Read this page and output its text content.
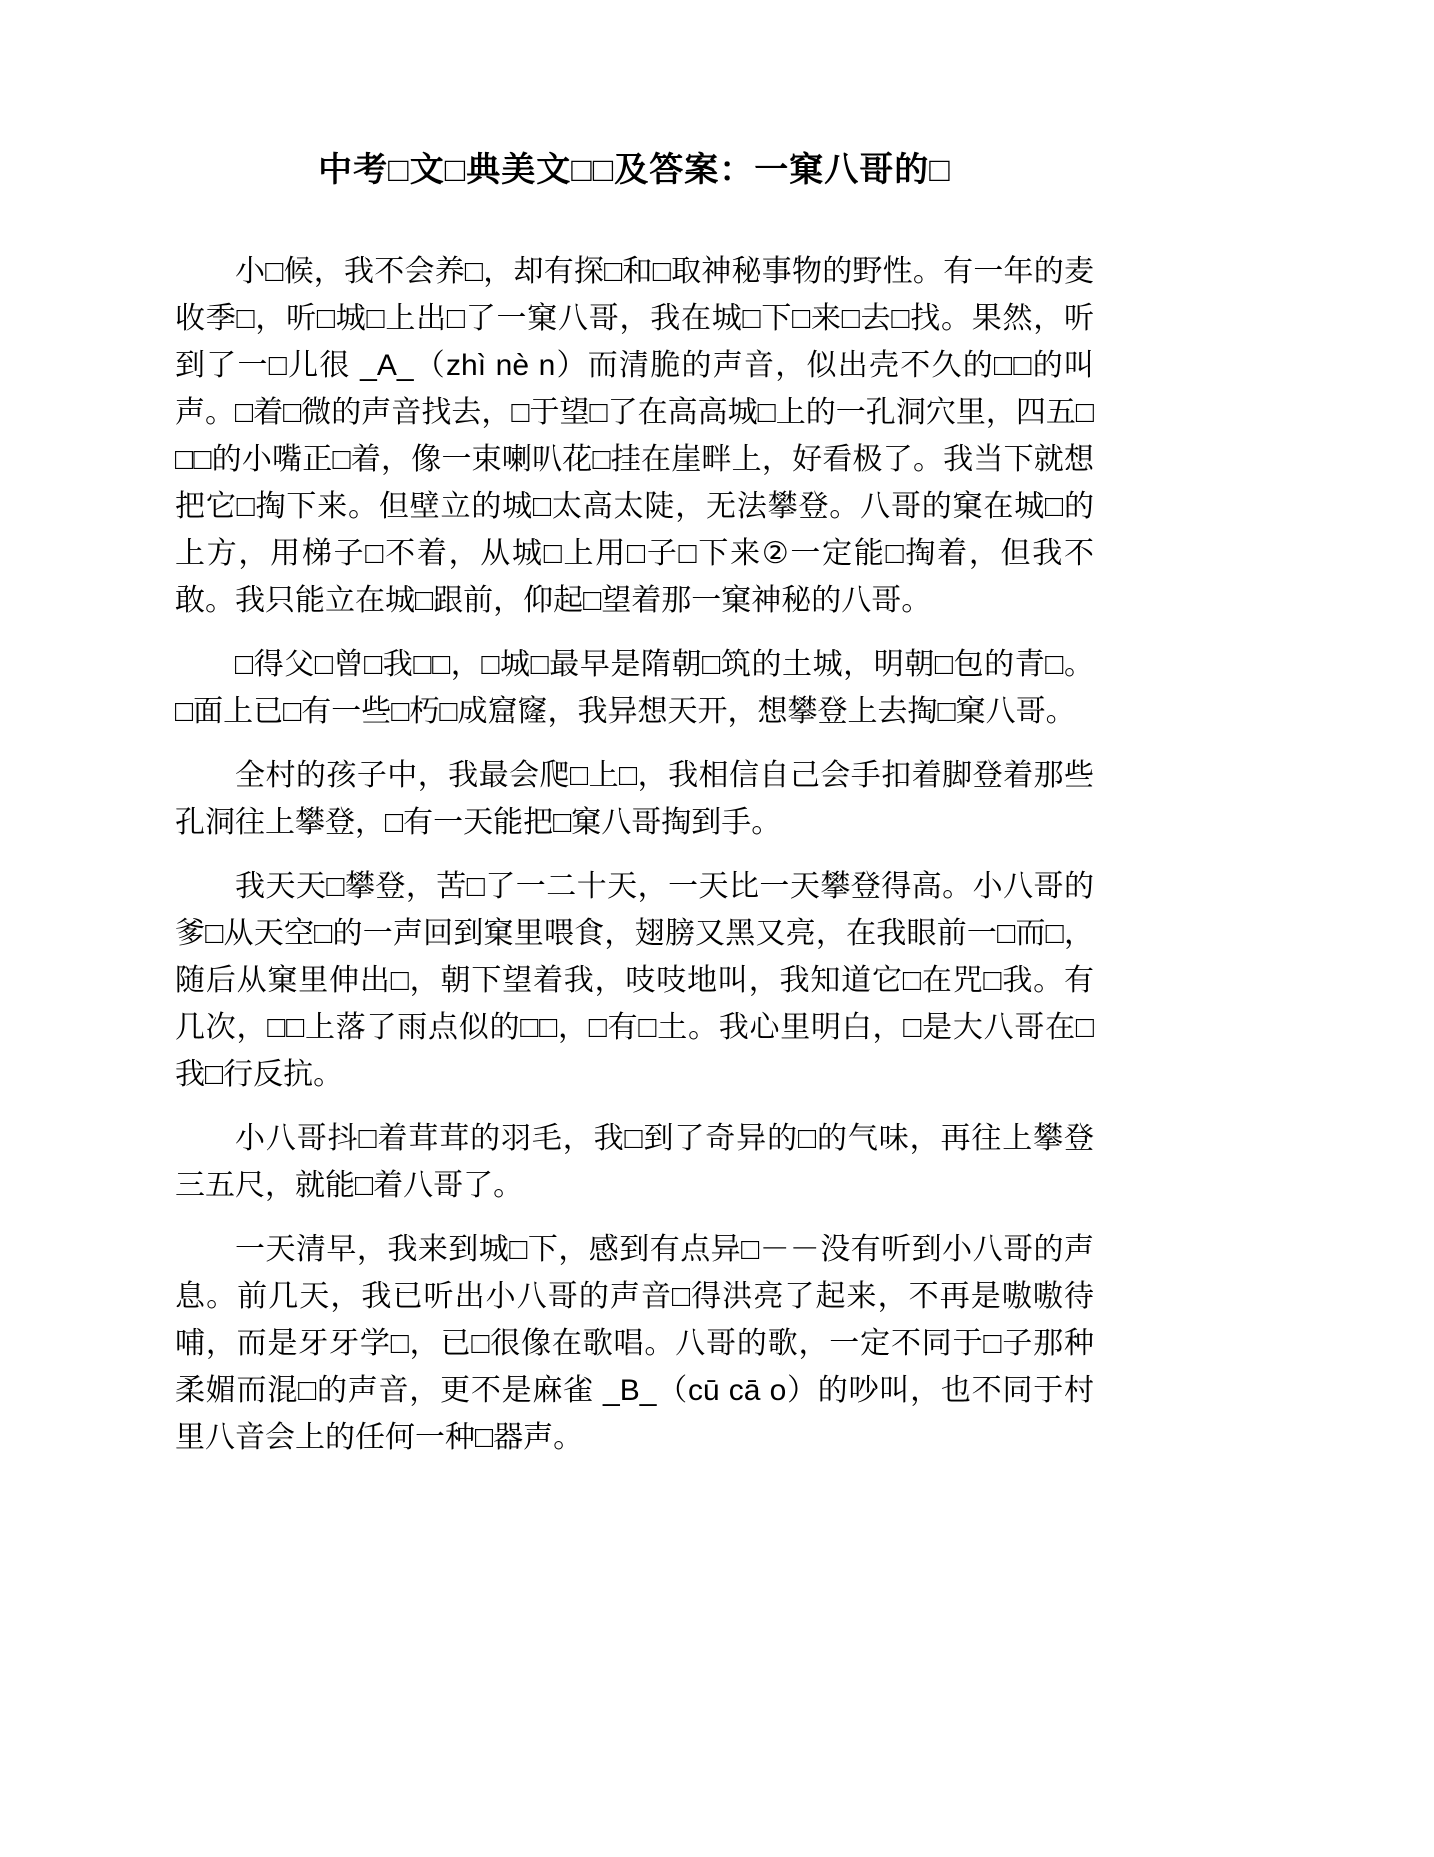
中考□文□典美文□□及答案：一窠八哥的□

小□候，我不会养□，却有探□和□取神秘事物的野性。有一年的麦收季□，听□城□上出□了一窠八哥，我在城□下□来□去□找。果然，听到了一□儿很 _A_（zhì nè n）而清脆的声音，似出壳不久的□□的叫声。□着□微的声音找去，□于望□了在高高城□上的一孔洞穴里，四五□□□的小嘴正□着，像一束喇叭花□挂在崖畔上，好看极了。我当下就想把它□掏下来。但壁立的城□太高太陡，无法攀登。八哥的窠在城□的上方，用梯子□不着，从城□上用□子□下来②一定能□掏着，但我不敢。我只能立在城□跟前，仰起□望着那一窠神秘的八哥。

□得父□曾□我□□，□城□最早是隋朝□筑的土城，明朝□包的青□。□面上已□有一些□朽□成窟窿，我异想天开，想攀登上去掏□窠八哥。

全村的孩子中，我最会爬□上□，我相信自己会手扣着脚登着那些孔洞往上攀登，□有一天能把□窠八哥掏到手。

我天天□攀登，苦□了一二十天，一天比一天攀登得高。小八哥的爹□从天空□的一声回到窠里喂食，翅膀又黑又亮，在我眼前一□而□，随后从窠里伸出□，朝下望着我，吱吱地叫，我知道它□在咒□我。有几次，□□上落了雨点似的□□，□有□土。我心里明白，□是大八哥在□我□行反抗。

小八哥抖□着茸茸的羽毛，我□到了奇异的□的气味，再往上攀登三五尺，就能□着八哥了。

一天清早，我来到城□下，感到有点异□－－没有听到小八哥的声息。前几天，我已听出小八哥的声音□得洪亮了起来，不再是嗷嗷待哺，而是牙牙学□，已□很像在歌唱。八哥的歌，一定不同于□子那种柔媚而混□的声音，更不是麻雀 _B_（cū cā o）的吵叫，也不同于村里八音会上的任何一种□器声。
